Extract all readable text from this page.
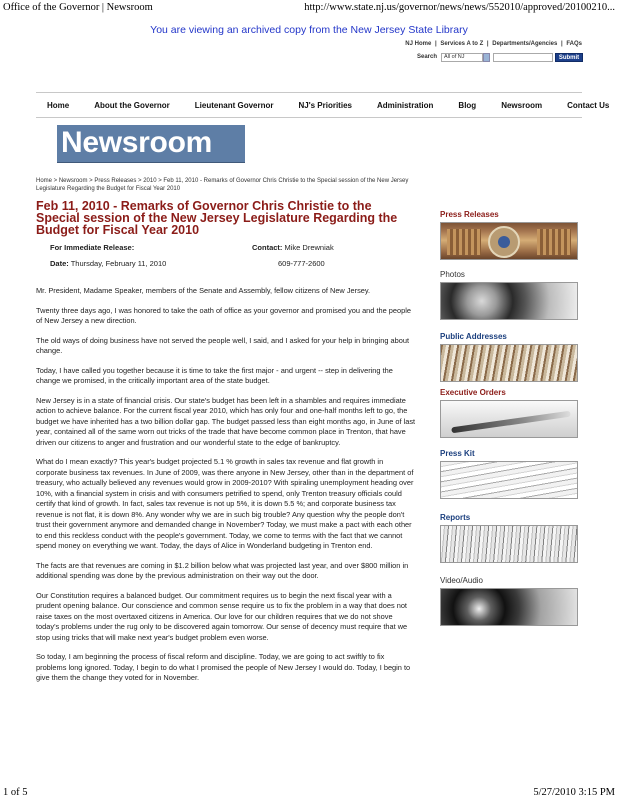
Office of the Governor | Newsroom	http://www.state.nj.us/governor/news/news/552010/approved/20100210...
You are viewing an archived copy from the New Jersey State Library
NJ Home | Services A to Z | Departments/Agencies | FAQs
Search	All of NJ	Submit
Home	About the Governor	Lieutenant Governor	NJ's Priorities	Administration	Blog	Newsroom	Contact Us
Newsroom
Home > Newsroom > Press Releases > 2010 > Feb 11, 2010 - Remarks of Governor Chris Christie to the Special session of the New Jersey Legislature Regarding the Budget for Fiscal Year 2010
Feb 11, 2010 - Remarks of Governor Chris Christie to the Special session of the New Jersey Legislature Regarding the Budget for Fiscal Year 2010
For Immediate Release:	Contact: Mike Drewniak
Date: Thursday, February 11, 2010	609-777-2600

Mr. President, Madame Speaker, members of the Senate and Assembly, fellow citizens of New Jersey.

Twenty three days ago, I was honored to take the oath of office as your governor and promised you and the people of New Jersey a new direction.

The old ways of doing business have not served the people well, I said, and I asked for your help in bringing about change.

Today, I have called you together because it is time to take the first major - and urgent -- step in delivering the change we promised, in the critically important area of the state budget.

New Jersey is in a state of financial crisis. Our state's budget has been left in a shambles and requires immediate action to achieve balance. For the current fiscal year 2010, which has only four and one-half months left to go, the budget we have inherited has a two billion dollar gap. The budget passed less than eight months ago, in June of last year, contained all of the same worn out tricks of the trade that have become common place in Trenton, that have driven our citizens to anger and frustration and our wonderful state to the edge of bankruptcy.

What do I mean exactly? This year's budget projected 5.1 % growth in sales tax revenue and flat growth in corporate business tax revenues. In June of 2009, was there anyone in New Jersey, other than in the department of treasury, who actually believed any revenues would grow in 2009-2010? With spiraling unemployment heading over 10%, with a financial system in crisis and with consumers petrified to spend, only Trenton treasury officials could certify that kind of growth. In fact, sales tax revenue is not up 5%, it is down 5.5 %; and corporate business tax revenue is not flat, it is down 8%. Any wonder why we are in such big trouble? Any question why the people don't trust their government anymore and demanded change in November? Today, we must make a pact with each other to end this reckless conduct with the people's government. Today, we come to terms with the fact that we cannot spend money on everything we want. Today, the days of Alice in Wonderland budgeting in Trenton end.

The facts are that revenues are coming in $1.2 billion below what was projected last year, and over $800 million in additional spending was done by the previous administration on their way out the door.

Our Constitution requires a balanced budget. Our commitment requires us to begin the next fiscal year with a prudent opening balance. Our conscience and common sense require us to fix the problem in a way that does not raise taxes on the most overtaxed citizens in America. Our love for our children requires that we do not shove today's problems under the rug only to be discovered again tomorrow. Our sense of decency must require that we stop using tricks that will make next year's budget problem even worse.

So today, I am beginning the process of fiscal reform and discipline. Today, we are going to act swiftly to fix problems long ignored. Today, I begin to do what I promised the people of New Jersey I would do. Today, I begin to give them the change they voted for in November.

Press Releases
Photos
Public Addresses
Executive Orders
Press Kit
Reports
Video/Audio
1 of 5	5/27/2010 3:15 PM
